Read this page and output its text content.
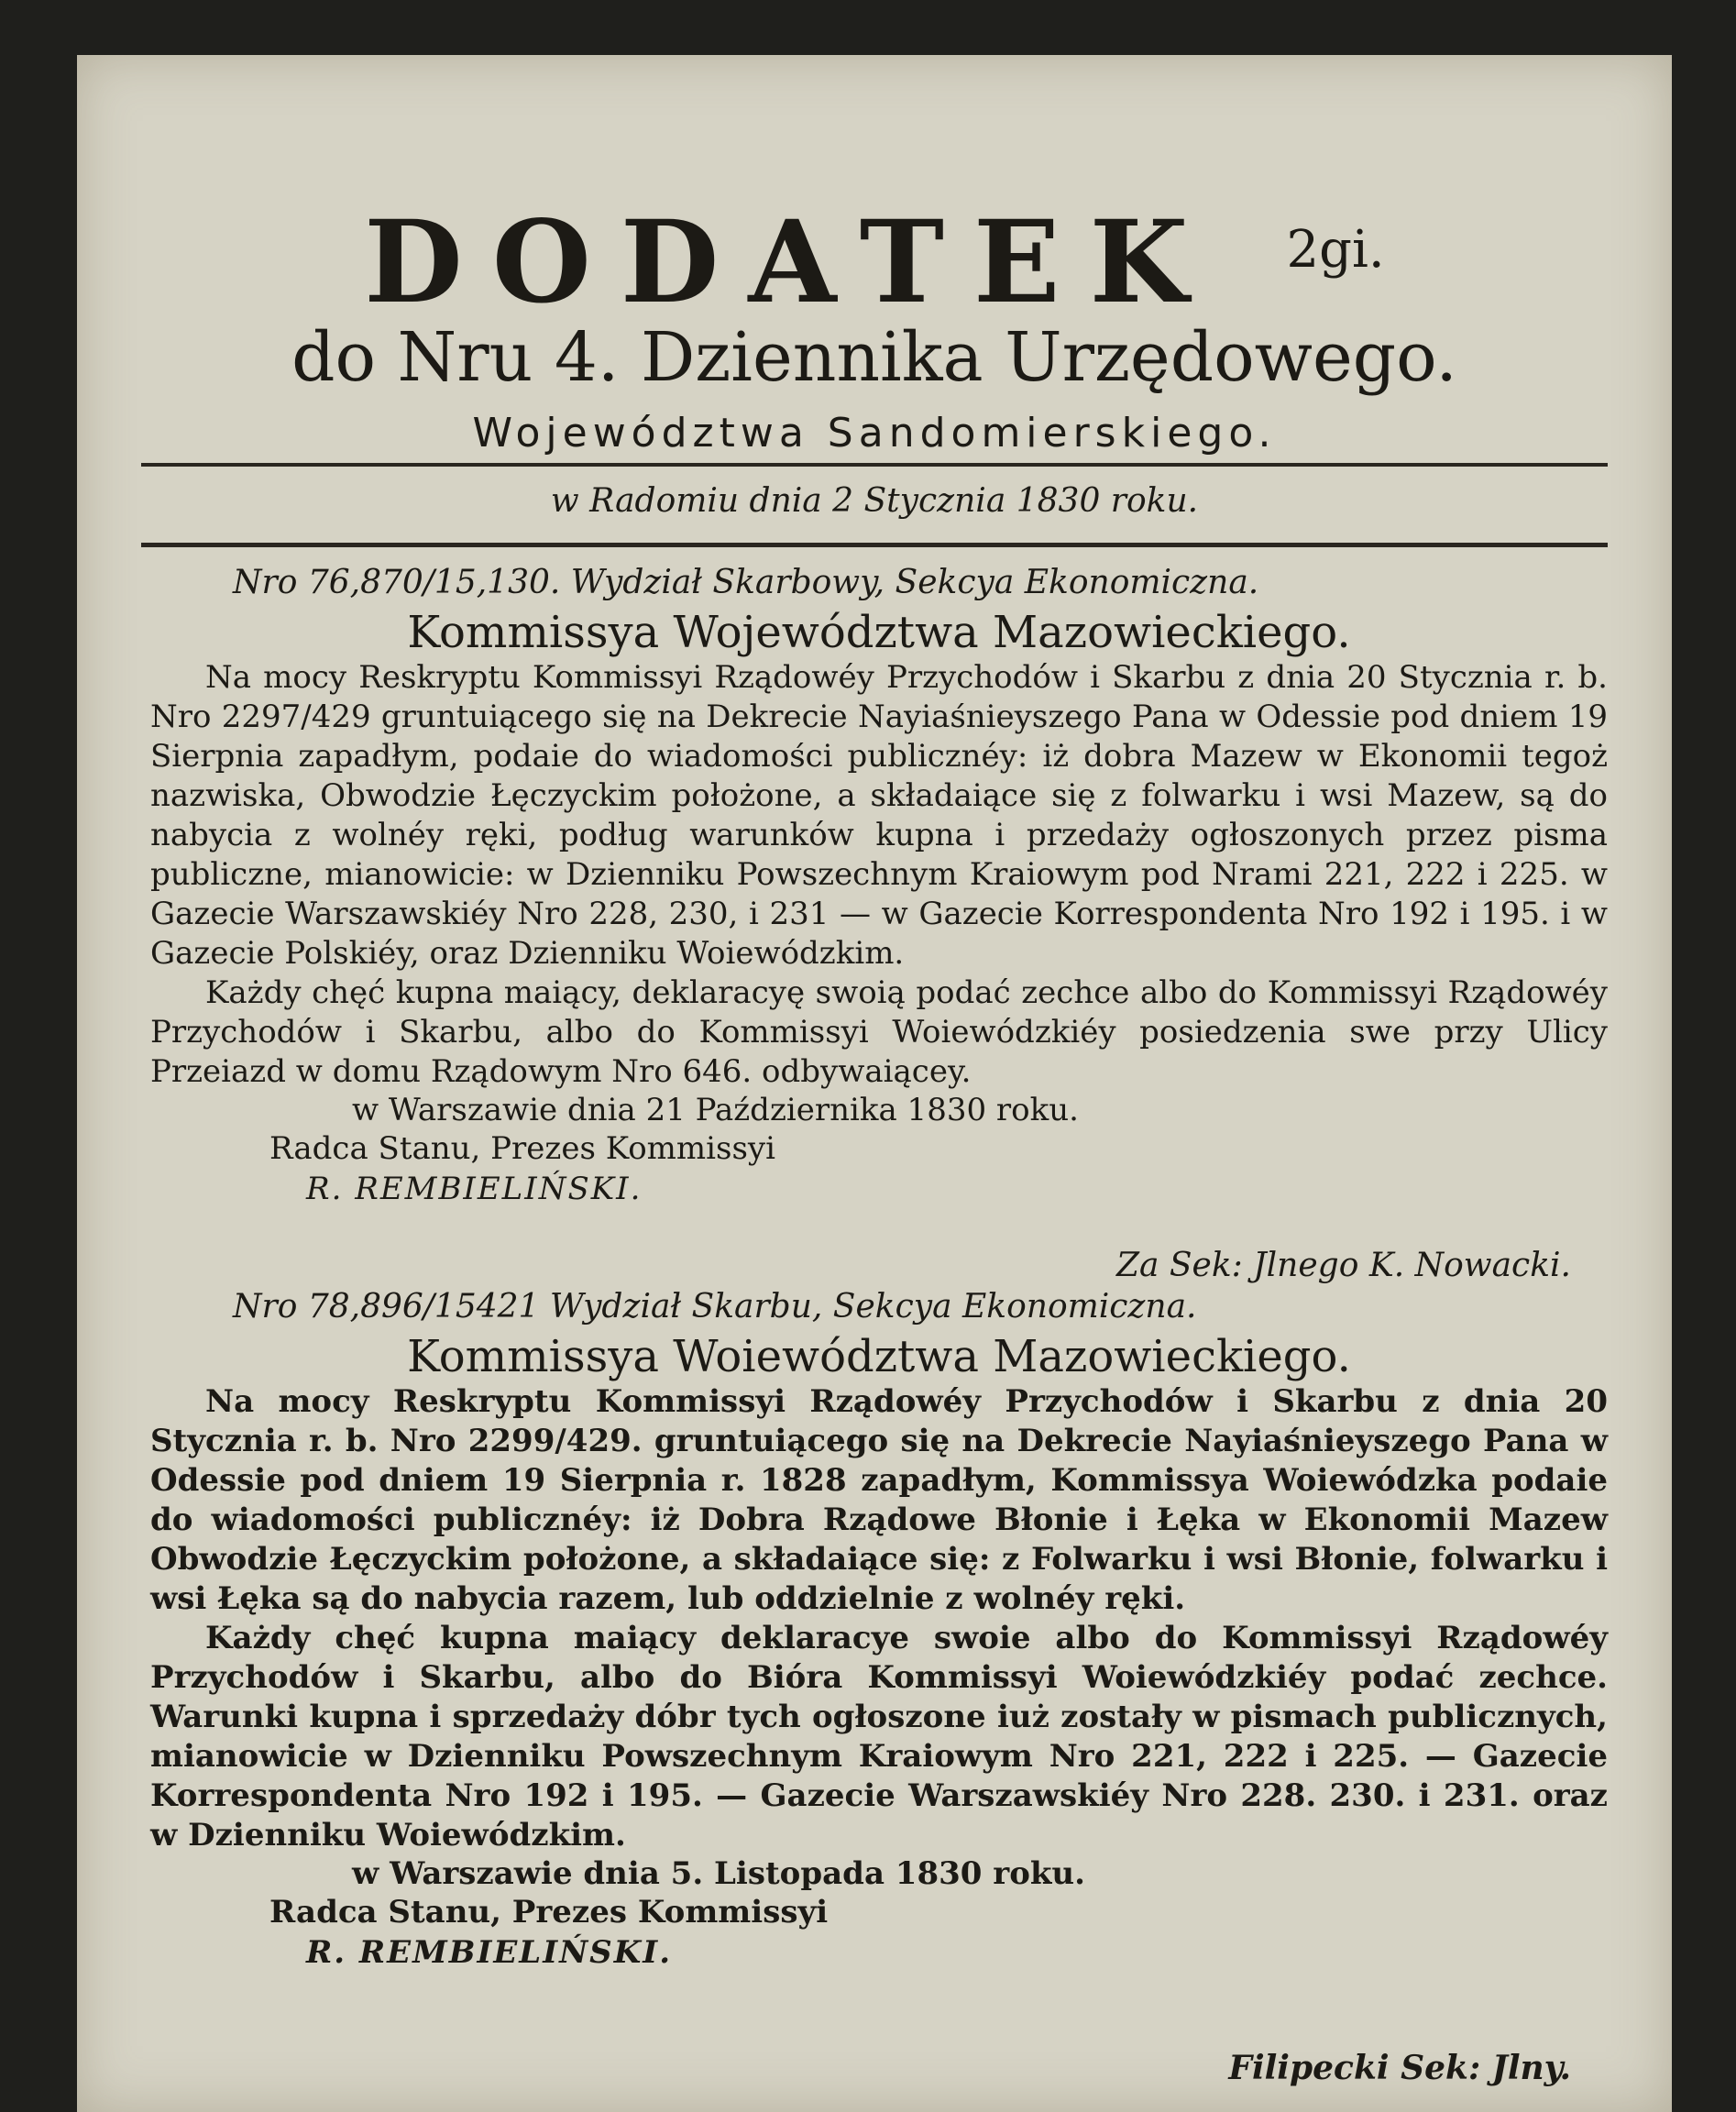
DODATEK $^{2gi.}$
do Nru 4. Dziennika Urzędowego.
Województwa Sandomierskiego.
w Radomiu dnia 2 Stycznia 1830 roku.
Nro 76,870/15,130. Wydział Skarbowy, Sekcya Ekonomiczna.
Kommissya Województwa Mazowieckiego.

Na mocy Reskryptu Kommissyi Rządowéy Przychodów i Skarbu z dnia 20 Stycznia r. b. Nro 2297/429 gruntuiącego się na Dekrecie Nayiaśnieyszego Pana w Odessie pod dniem 19 Sierpnia zapadłym, podaie do wiadomości publicznéy: iż dobra Mazew w Ekonomii tegoż nazwiska, Obwodzie Łęczyckim położone, a składaiące się z folwarku i wsi Mazew, są do nabycia z wolnéy ręki, podług warunków kupna i przedaży ogłoszonych przez pisma publiczne, mianowicie: w Dzienniku Powszechnym Kraiowym pod Nrami 221, 222 i 225. w Gazecie Warszawskiéy Nro 228, 230, i 231 — w Gazecie Korrespondenta Nro 192 i 195. i w Gazecie Polskiéy, oraz Dzienniku Woiewódzkim.

Każdy chęć kupna maiący, deklaracyę swoią podać zechce albo do Kommissyi Rządowéy Przychodów i Skarbu, albo do Kommissyi Woiewódzkiéy posiedzenia swe przy Ulicy Przeiazd w domu Rządowym Nro 646. odbywaiącey.

w Warszawie dnia 21 Października 1830 roku.
Radca Stanu, Prezes Kommissyi
R. REMBIELIŃSKI.
Za Sek: Jlnego K. Nowacki.
Nro 78,896/15421 Wydział Skarbu, Sekcya Ekonomiczna.
Kommissya Woiewództwa Mazowieckiego.

Na mocy Reskryptu Kommissyi Rządowéy Przychodów i Skarbu z dnia 20 Stycznia r. b. Nro 2299/429. gruntuiącego się na Dekrecie Nayiaśnieyszego Pana w Odessie pod dniem 19 Sierpnia r. 1828 zapadłym, Kommissya Woiewódzka podaie do wiadomości publicznéy: iż Dobra Rządowe Błonie i Łęka w Ekonomii Mazew Obwodzie Łęczyckim położone, a składaiące się: z Folwarku i wsi Błonie, folwarku i wsi Łęka są do nabycia razem, lub oddzielnie z wolnéy ręki.

Każdy chęć kupna maiący deklaracye swoie albo do Kommissyi Rządowéy Przychodów i Skarbu, albo do Bióra Kommissyi Woiewódzkiéy podać zechce. Warunki kupna i sprzedaży dóbr tych ogłoszone iuż zostały w pismach publicznych, mianowicie w Dzienniku Powszechnym Kraiowym Nro 221, 222 i 225. — Gazecie Korrespondenta Nro 192 i 195. — Gazecie Warszawskiéy Nro 228. 230. i 231. oraz w Dzienniku Woiewódzkim.

w Warszawie dnia 5. Listopada 1830 roku.
Radca Stanu, Prezes Kommissyi
R. REMBIELIŃSKI.
Filipecki Sek: Jlny.
